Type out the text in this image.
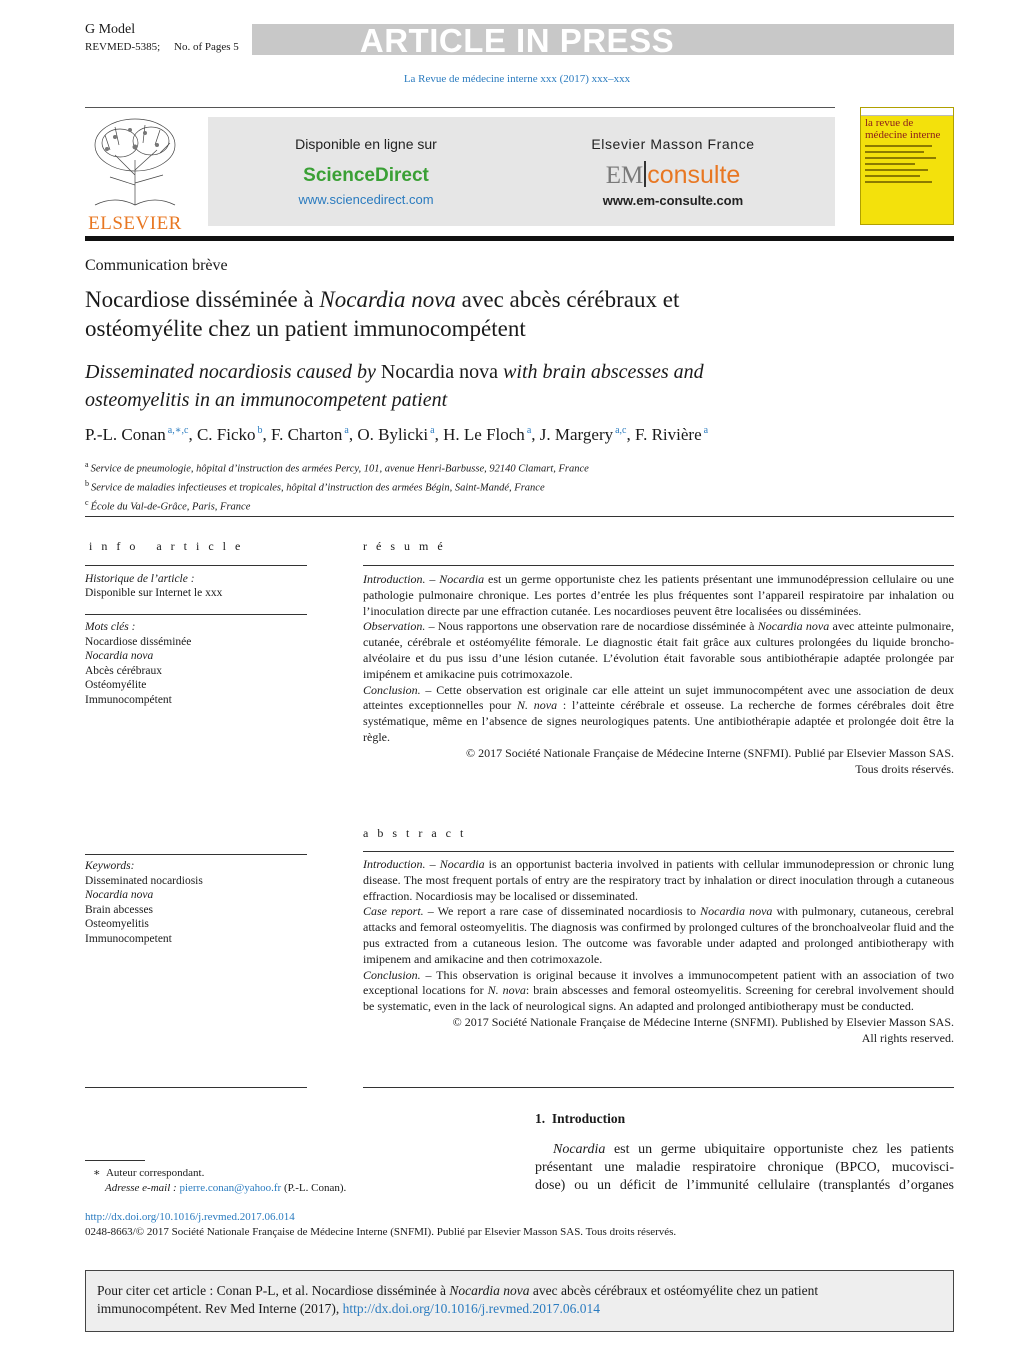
G Model
REVMED-5385; No. of Pages 5	ARTICLE IN PRESS
La Revue de médecine interne xxx (2017) xxx–xxx
ELSEVIER
Disponible en ligne sur
ScienceDirect
www.sciencedirect.com
Elsevier Masson France
EM consulte
www.em-consulte.com
la revue de
médecine interne
Communication brève
Nocardiose disséminée à Nocardia nova avec abcès cérébraux et
ostéomyélite chez un patient immunocompétent
Disseminated nocardiosis caused by Nocardia nova with brain abscesses and
osteomyelitis in an immunocompetent patient
P.-L. Conan $^{a,∗,c}$, C. Ficko $^b$, F. Charton $^a$, O. Bylicki $^a$, H. Le Floch $^a$, J. Margery $^{a,c}$, F. Rivière $^a$
$^a$ Service de pneumologie, hôpital d’instruction des armées Percy, 101, avenue Henri-Barbusse, 92140 Clamart, France
$^b$ Service de maladies infectieuses et tropicales, hôpital d’instruction des armées Bégin, Saint-Mandé, France
$^c$ École du Val-de-Grâce, Paris, France
i n f o   a r t i c l e
Historique de l’article :
Disponible sur Internet le xxx
Mots clés :
Nocardiose disséminée
Nocardia nova
Abcès cérébraux
Ostéomyélite
Immunocompétent
Keywords:
Disseminated nocardiosis
Nocardia nova
Brain abcesses
Osteomyelitis
Immunocompetent
r é s u m é
Introduction. – Nocardia est un germe opportuniste chez les patients présentant une immunodépression cellulaire ou une pathologie pulmonaire chronique. Les portes d’entrée les plus fréquentes sont l’appareil respiratoire par inhalation ou l’inoculation directe par une effraction cutanée. Les nocardioses peuvent être localisées ou disséminées.
Observation. – Nous rapportons une observation rare de nocardiose disséminée à Nocardia nova avec atteinte pulmonaire, cutanée, cérébrale et ostéomyélite fémorale. Le diagnostic était fait grâce aux cultures prolongées du liquide broncho-alvéolaire et du pus issu d’une lésion cutanée. L’évolution était favorable sous antibiothérapie adaptée prolongée par imipénem et amikacine puis cotrimoxazole.
Conclusion. – Cette observation est originale car elle atteint un sujet immunocompétent avec une association de deux atteintes exceptionnelles pour N. nova : l’atteinte cérébrale et osseuse. La recherche de formes cérébrales doit être systématique, même en l’absence de signes neurologiques patents. Une antibiothérapie adaptée et prolongée doit être la règle.
© 2017 Société Nationale Française de Médecine Interne (SNFMI). Publié par Elsevier Masson SAS.
Tous droits réservés.
a b s t r a c t
Introduction. – Nocardia is an opportunist bacteria involved in patients with cellular immunodepression or chronic lung disease. The most frequent portals of entry are the respiratory tract by inhalation or direct inoculation through a cutaneous effraction. Nocardiosis may be localised or disseminated.
Case report. – We report a rare case of disseminated nocardiosis to Nocardia nova with pulmonary, cutaneous, cerebral attacks and femoral osteomyelitis. The diagnosis was confirmed by prolonged cultures of the bronchoalveolar fluid and the pus extracted from a cutaneous lesion. The outcome was favorable under adapted and prolonged antibiotherapy with imipenem and amikacine and then cotrimoxazole.
Conclusion. – This observation is original because it involves a immunocompetent patient with an association of two exceptional locations for N. nova: brain abscesses and femoral osteomyelitis. Screening for cerebral involvement should be systematic, even in the lack of neurological signs. An adapted and prolonged antibiotherapy must be conducted.
© 2017 Société Nationale Française de Médecine Interne (SNFMI). Published by Elsevier Masson SAS.
All rights reserved.
1. Introduction
Nocardia est un germe ubiquitaire opportuniste chez les patients
présentant une maladie respiratoire chronique (BPCO, mucovisci-
dose) ou un déficit de l’immunité cellulaire (transplantés d’organes
∗ Auteur correspondant.
Adresse e-mail : pierre.conan@yahoo.fr (P.-L. Conan).
http://dx.doi.org/10.1016/j.revmed.2017.06.014
0248-8663/© 2017 Société Nationale Française de Médecine Interne (SNFMI). Publié par Elsevier Masson SAS. Tous droits réservés.
Pour citer cet article : Conan P-L, et al. Nocardiose disséminée à Nocardia nova avec abcès cérébraux et ostéomyélite chez un patient
immunocompétent. Rev Med Interne (2017), http://dx.doi.org/10.1016/j.revmed.2017.06.014
